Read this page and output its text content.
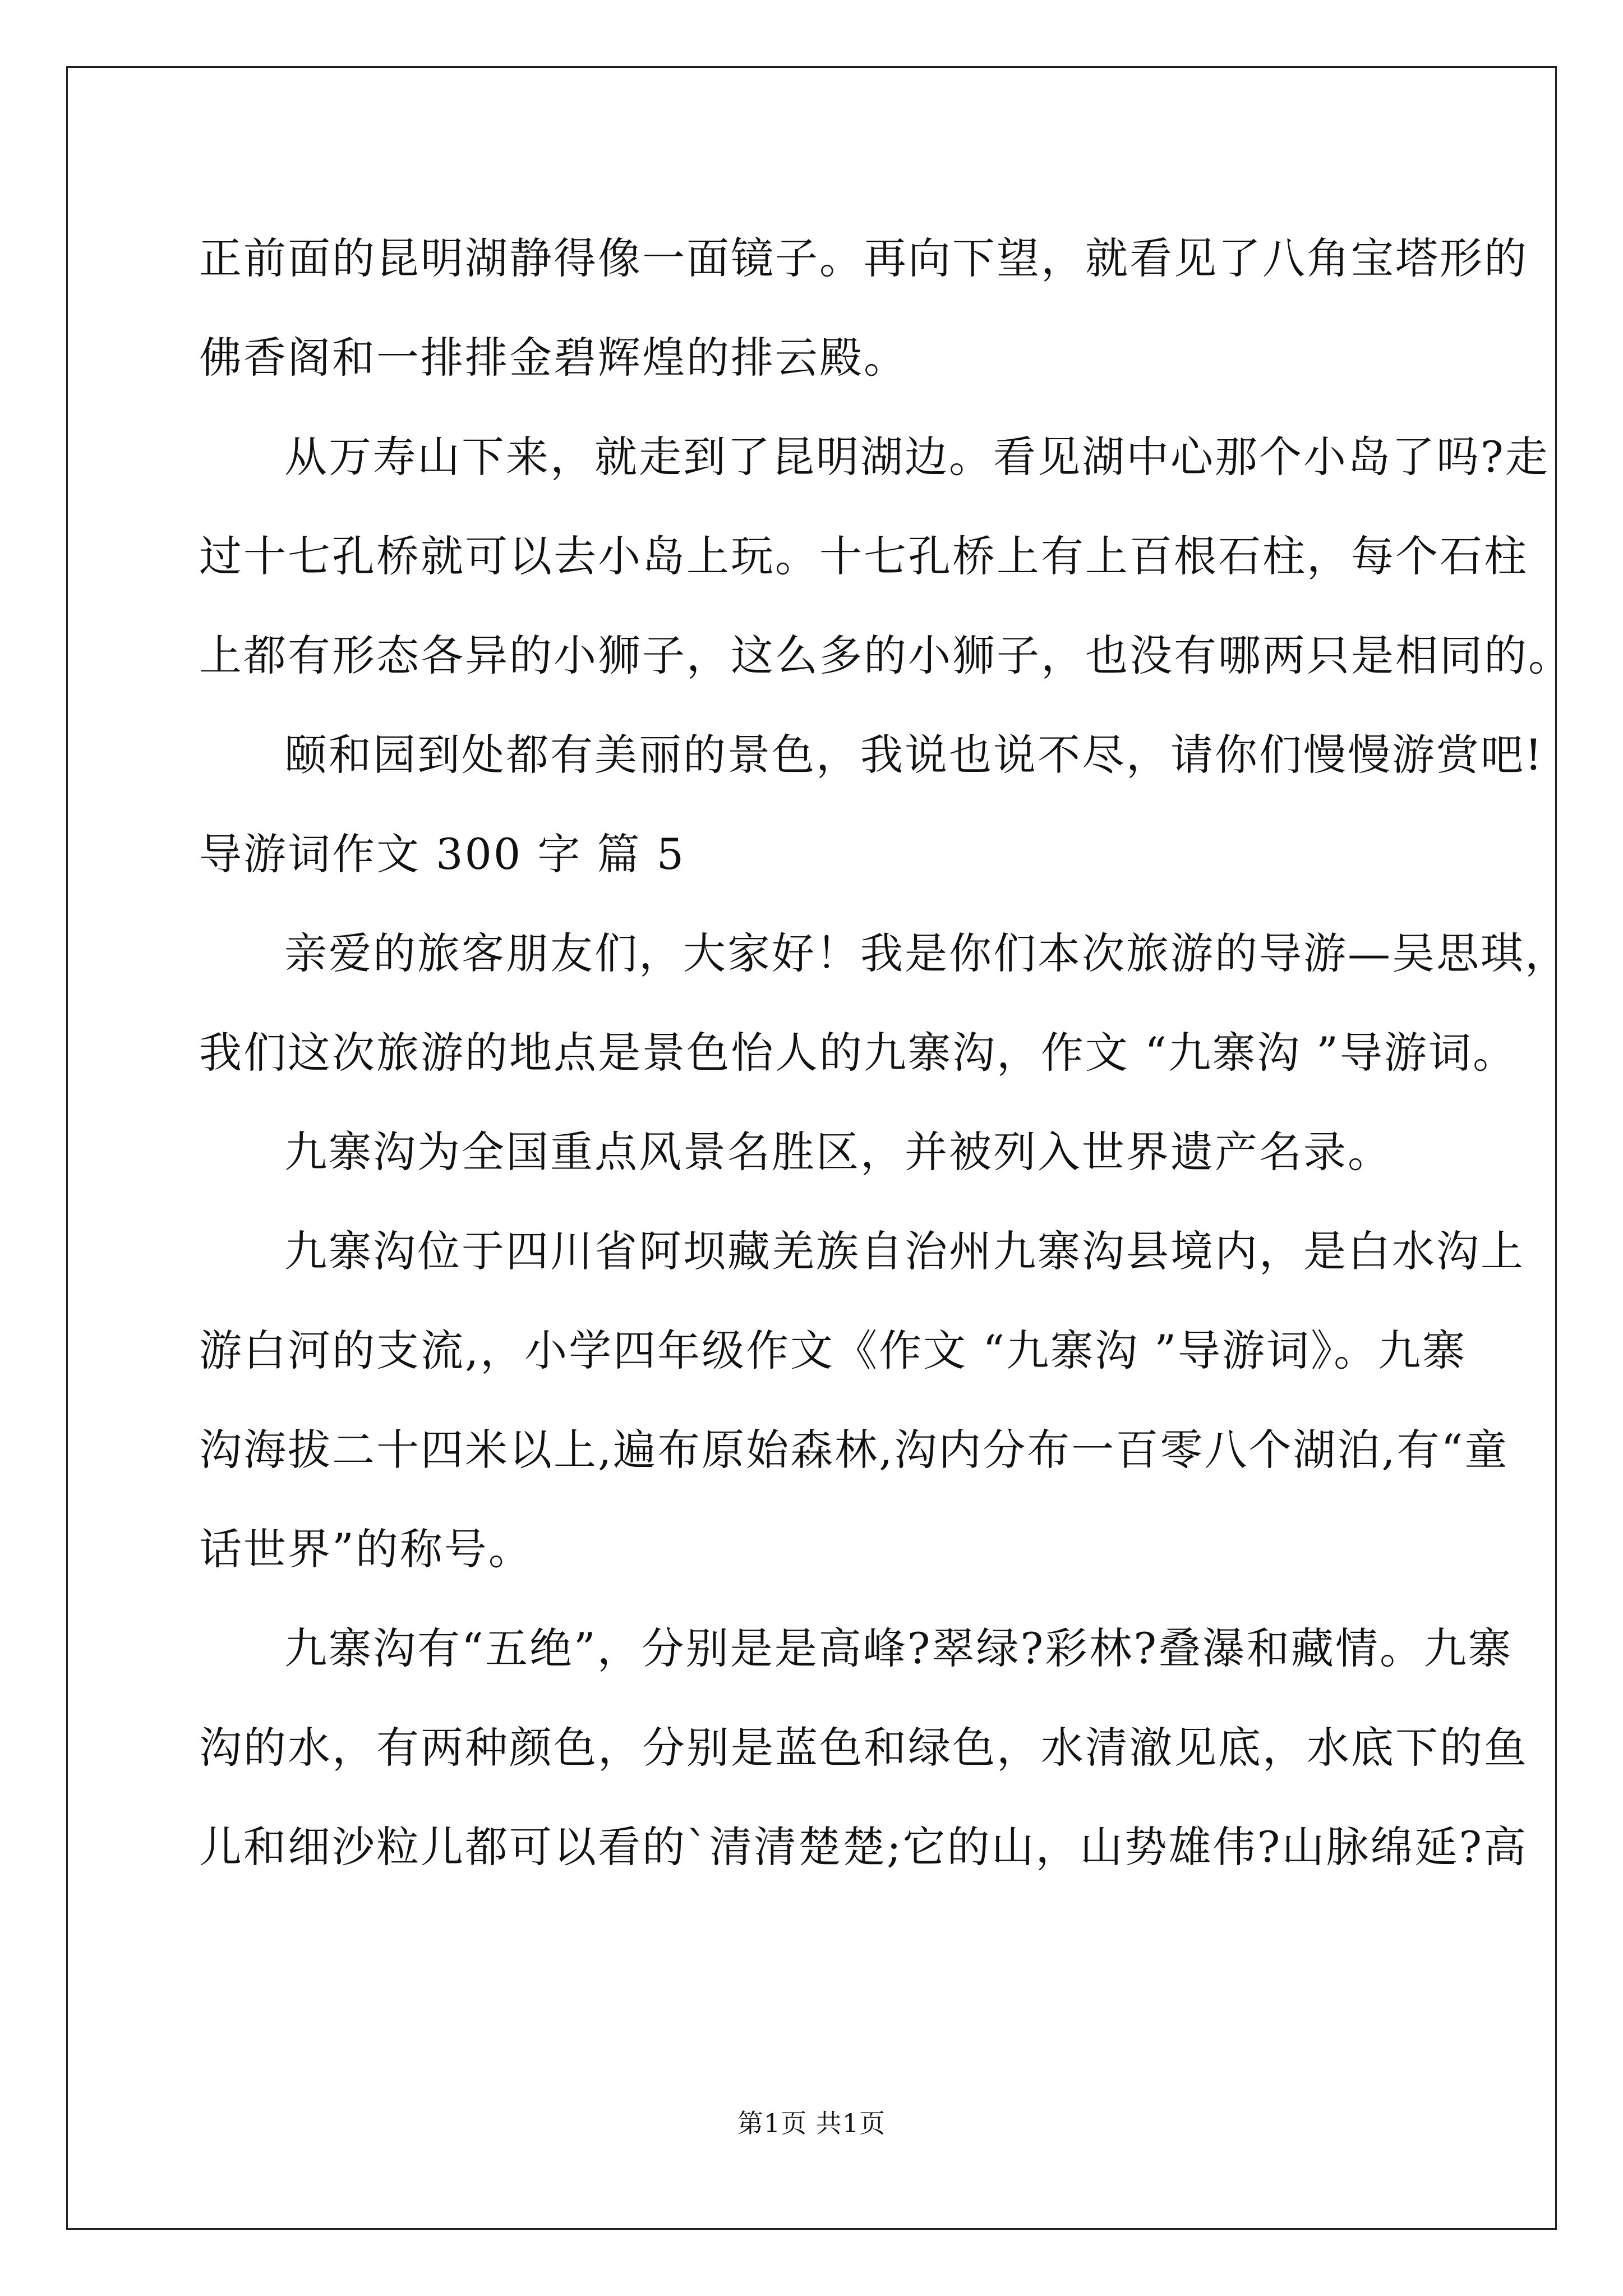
正前面的昆明湖静得像一面镜子。再向下望，就看见了八角宝塔形的
佛香阁和一排排金碧辉煌的排云殿。
从万寿山下来，就走到了昆明湖边。看见湖中心那个小岛了吗?走
过十七孔桥就可以去小岛上玩。十七孔桥上有上百根石柱，每个石柱
上都有形态各异的小狮子，这么多的小狮子，也没有哪两只是相同的。
颐和园到处都有美丽的景色，我说也说不尽，请你们慢慢游赏吧!
导游词作文 300 字 篇 5
亲爱的旅客朋友们，大家好！我是你们本次旅游的导游—吴思琪，
我们这次旅游的地点是景色怡人的九寨沟，作文 “九寨沟 ”导游词。
九寨沟为全国重点风景名胜区，并被列入世界遗产名录。
九寨沟位于四川省阿坝藏羌族自治州九寨沟县境内，是白水沟上
游白河的支流,，小学四年级作文《作文 “九寨沟 ”导游词》。九寨
沟海拔二十四米以上,遍布原始森林,沟内分布一百零八个湖泊,有“童
话世界”的称号。
九寨沟有“五绝”，分别是是高峰?翠绿?彩林?叠瀑和藏情。九寨
沟的水，有两种颜色，分别是蓝色和绿色，水清澈见底，水底下的鱼
儿和细沙粒儿都可以看的`清清楚楚;它的山，山势雄伟?山脉绵延?高
第1页 共1页
